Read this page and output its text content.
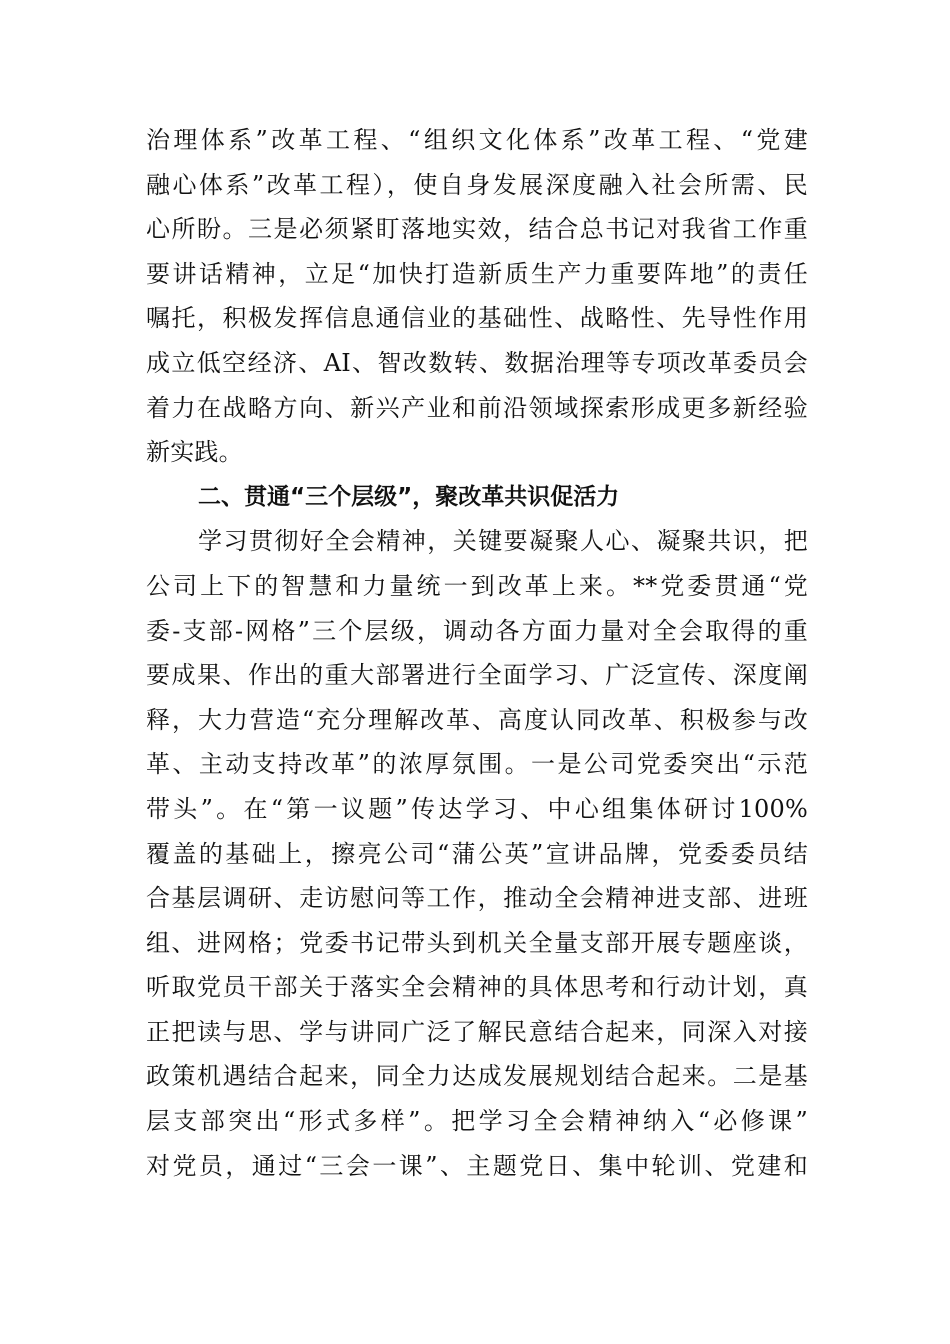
治理体系”改革工程、“组织文化体系”改革工程、“党建
融心体系”改革工程），使自身发展深度融入社会所需、民
心所盼。三是必须紧盯落地实效，结合总书记对我省工作重
要讲话精神，立足“加快打造新质生产力重要阵地”的责任
嘱托，积极发挥信息通信业的基础性、战略性、先导性作用
成立低空经济、AI、智改数转、数据治理等专项改革委员会
着力在战略方向、新兴产业和前沿领域探索形成更多新经验
新实践。
二、贯通“三个层级”，聚改革共识促活力
学习贯彻好全会精神，关键要凝聚人心、凝聚共识，把
公司上下的智慧和力量统一到改革上来。**党委贯通“党
委-支部-网格”三个层级，调动各方面力量对全会取得的重
要成果、作出的重大部署进行全面学习、广泛宣传、深度阐
释，大力营造“充分理解改革、高度认同改革、积极参与改
革、主动支持改革”的浓厚氛围。一是公司党委突出“示范
带头”。在“第一议题”传达学习、中心组集体研讨100%
覆盖的基础上，擦亮公司“蒲公英”宣讲品牌，党委委员结
合基层调研、走访慰问等工作，推动全会精神进支部、进班
组、进网格；党委书记带头到机关全量支部开展专题座谈，
听取党员干部关于落实全会精神的具体思考和行动计划，真
正把读与思、学与讲同广泛了解民意结合起来，同深入对接
政策机遇结合起来，同全力达成发展规划结合起来。二是基
层支部突出“形式多样”。把学习全会精神纳入“必修课”
对党员，通过“三会一课”、主题党日、集中轮训、党建和
